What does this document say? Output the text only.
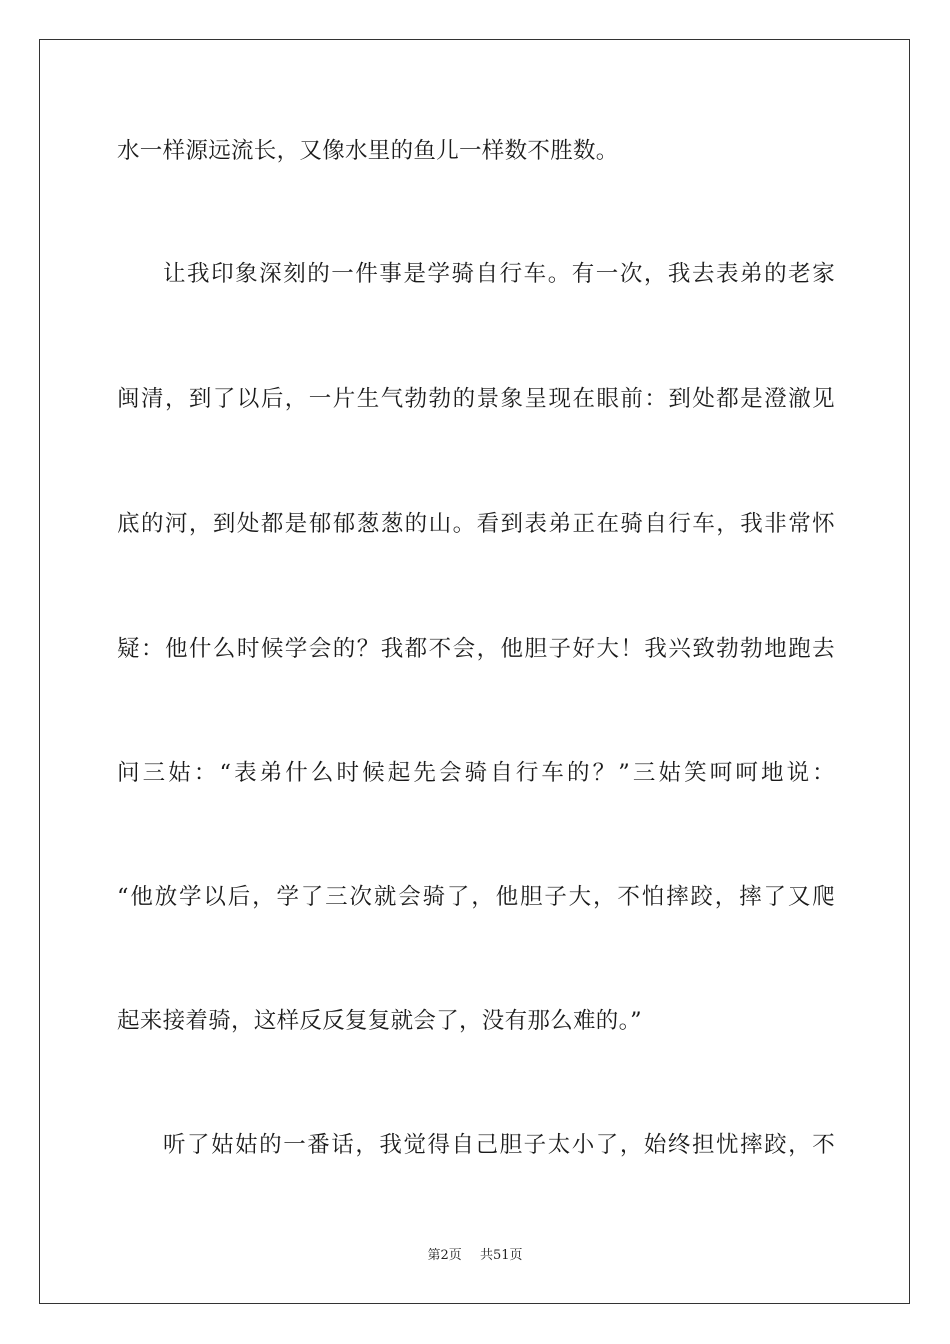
水一样源远流长，又像水里的鱼儿一样数不胜数。
让我印象深刻的一件事是学骑自行车。有一次，我去表弟的老家
闽清，到了以后，一片生气勃勃的景象呈现在眼前：到处都是澄澈见
底的河，到处都是郁郁葱葱的山。看到表弟正在骑自行车，我非常怀
疑：他什么时候学会的？我都不会，他胆子好大！我兴致勃勃地跑去
问三姑：“表弟什么时候起先会骑自行车的？”三姑笑呵呵地说：
“他放学以后，学了三次就会骑了，他胆子大，不怕摔跤，摔了又爬
起来接着骑，这样反反复复就会了，没有那么难的。”
听了姑姑的一番话，我觉得自己胆子太小了，始终担忧摔跤，不
第2页 共51页
